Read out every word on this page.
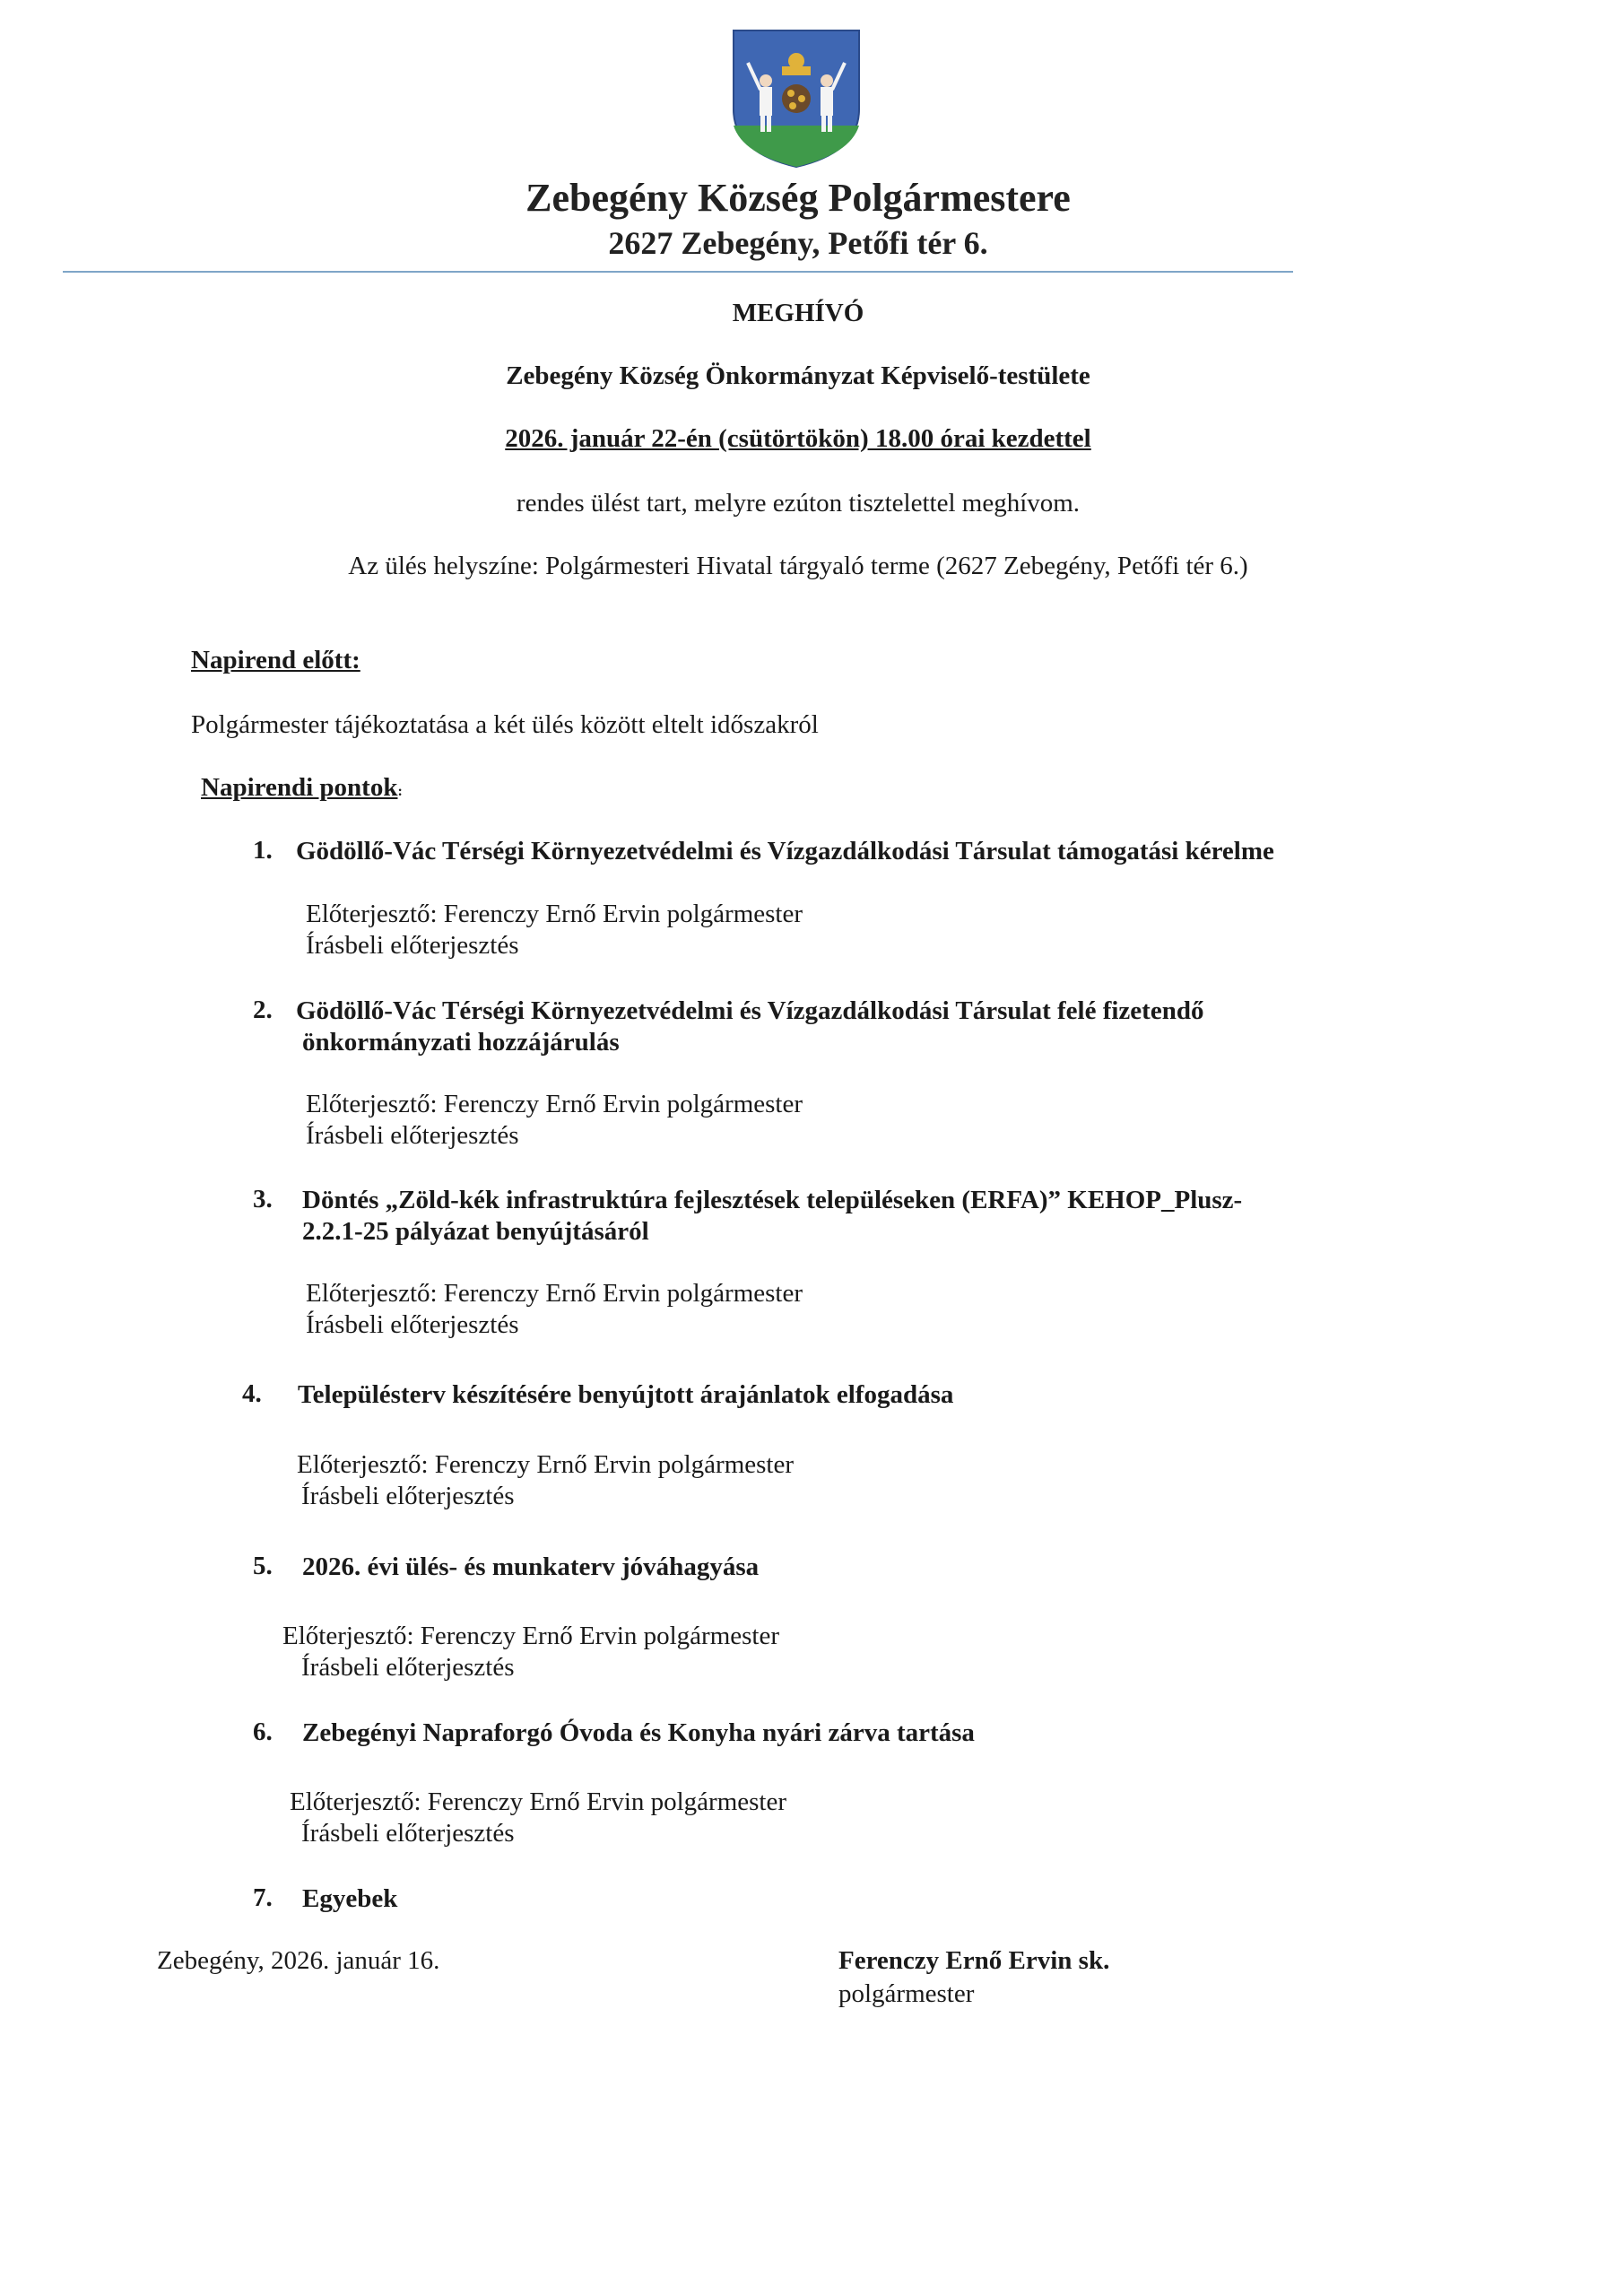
Zebegény Község Polgármestere
2627 Zebegény, Petőfi tér 6.
MEGHÍVÓ
Zebegény Község Önkormányzat Képviselő-testülete
2026. január 22-én (csütörtökön) 18.00 órai kezdettel
rendes ülést tart, melyre ezúton tisztelettel meghívom.
Az ülés helyszíne: Polgármesteri Hivatal tárgyaló terme (2627 Zebegény, Petőfi tér 6.)
Napirend előtt:
Polgármester tájékoztatása a két ülés között eltelt időszakról
Napirendi pontok:
1. Gödöllő-Vác Térségi Környezetvédelmi és Vízgazdálkodási Társulat támogatási kérelme
Előterjesztő: Ferenczy Ernő Ervin polgármester
Írásbeli előterjesztés
2. Gödöllő-Vác Térségi Környezetvédelmi és Vízgazdálkodási Társulat felé fizetendő
önkormányzati hozzájárulás
Előterjesztő: Ferenczy Ernő Ervin polgármester
Írásbeli előterjesztés
3. Döntés „Zöld-kék infrastruktúra fejlesztések településeken (ERFA)” KEHOP_Plusz-
2.2.1-25 pályázat benyújtásáról
Előterjesztő: Ferenczy Ernő Ervin polgármester
Írásbeli előterjesztés
4. Településterv készítésére benyújtott árajánlatok elfogadása
Előterjesztő: Ferenczy Ernő Ervin polgármester
Írásbeli előterjesztés
5. 2026. évi ülés- és munkaterv jóváhagyása
Előterjesztő: Ferenczy Ernő Ervin polgármester
Írásbeli előterjesztés
6. Zebegényi Napraforgó Óvoda és Konyha nyári zárva tartása
Előterjesztő: Ferenczy Ernő Ervin polgármester
Írásbeli előterjesztés
7. Egyebek
Zebegény, 2026. január 16.	Ferenczy Ernő Ervin sk.
polgármester
